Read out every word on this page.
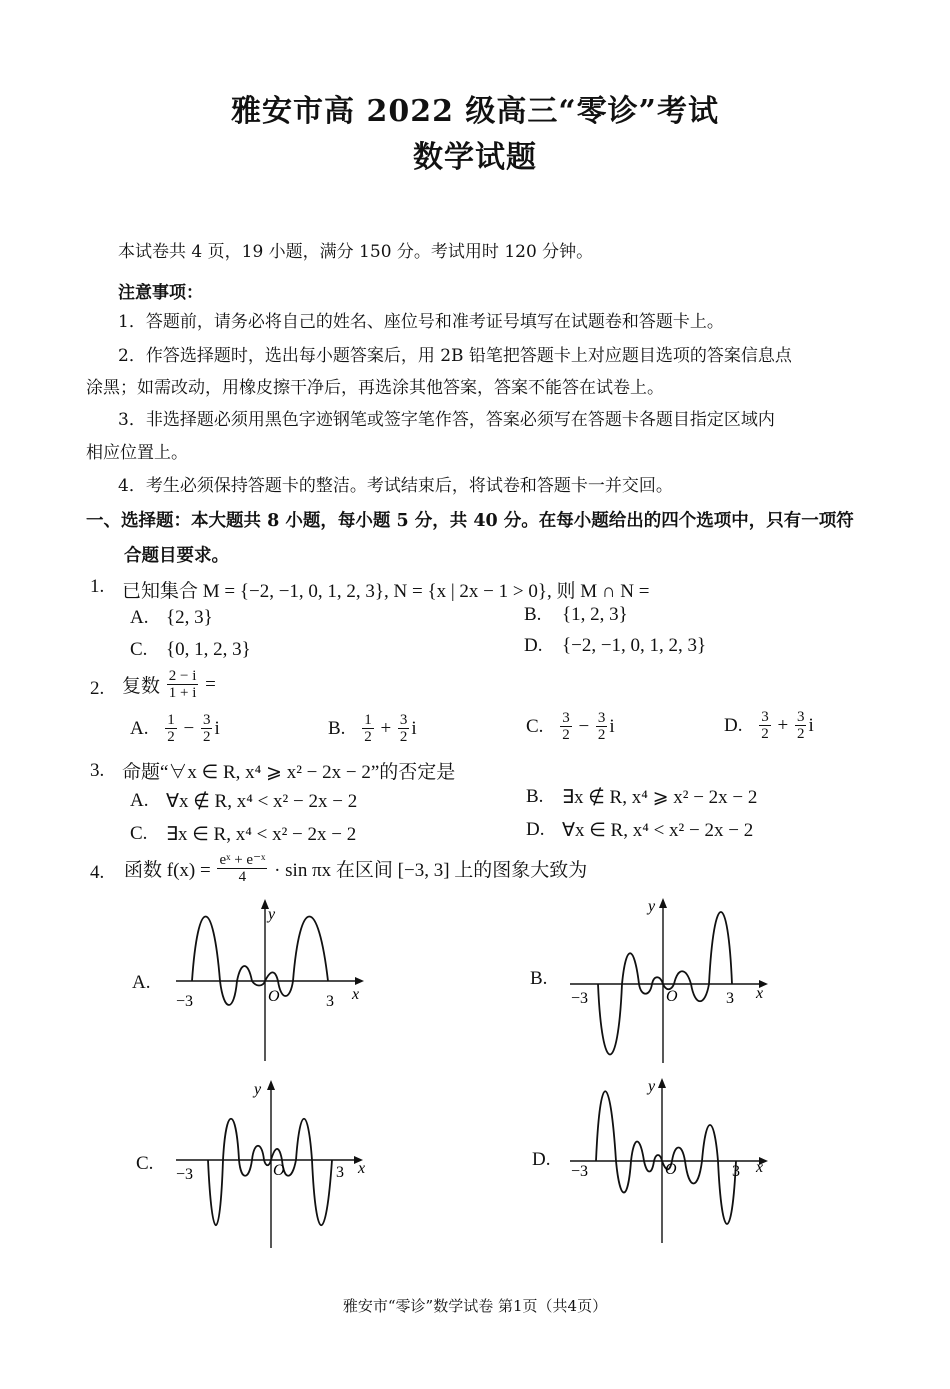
雅安市高 2022 级高三“零诊”考试
数学试题
本试卷共 4 页，19 小题，满分 150 分。考试用时 120 分钟。
注意事项：
1．答题前，请务必将自己的姓名、座位号和准考证号填写在试题卷和答题卡上。
2．作答选择题时，选出每小题答案后，用 2B 铅笔把答题卡上对应题目选项的答案信息点
涂黑；如需改动，用橡皮擦干净后，再选涂其他答案，答案不能答在试卷上。
3．非选择题必须用黑色字迹钢笔或签字笔作答，答案必须写在答题卡各题目指定区域内
相应位置上。
4．考生必须保持答题卡的整洁。考试结束后，将试卷和答题卡一并交回。
一、选择题：本大题共 8 小题，每小题 5 分，共 40 分。在每小题给出的四个选项中，只有一项符
合题目要求。
1. 已知集合 M = {−2, −1, 0, 1, 2, 3}, N = {x | 2x − 1 > 0}, 则 M ∩ N =
A. {2, 3}	B. {1, 2, 3}
C. {0, 1, 2, 3}	D. {−2, −1, 0, 1, 2, 3}
2. 复数 $\frac{2 - i}{1 + i}$ =
A. $\frac{1}{2} - \frac{3}{2}$ i	B. $\frac{1}{2} + \frac{3}{2}$ i	C. $\frac{3}{2} - \frac{3}{2}$ i	D. $\frac{3}{2} + \frac{3}{2}$ i
3. 命题“∀x ∈ R, x⁴ ⩾ x² − 2x − 2”的否定是
A. ∀x ∉ R, x⁴ < x² − 2x − 2	B. ∃x ∉ R, x⁴ ⩾ x² − 2x − 2
C. ∃x ∈ R, x⁴ < x² − 2x − 2	D. ∀x ∈ R, x⁴ < x² − 2x − 2
4. 函数 $f(x) = \frac{\text{eˣ + e⁻ˣ}}{4} \cdot \sin \pi x$ 在区间 [−3, 3] 上的图象大致为
A.
y
x
O
−3	3
B.
y
x
O
−3	3
C.
y
x
O
−3	3
D.
y
x
O
−3	3
雅安市“零诊”数学试卷 第1页（共4页）
